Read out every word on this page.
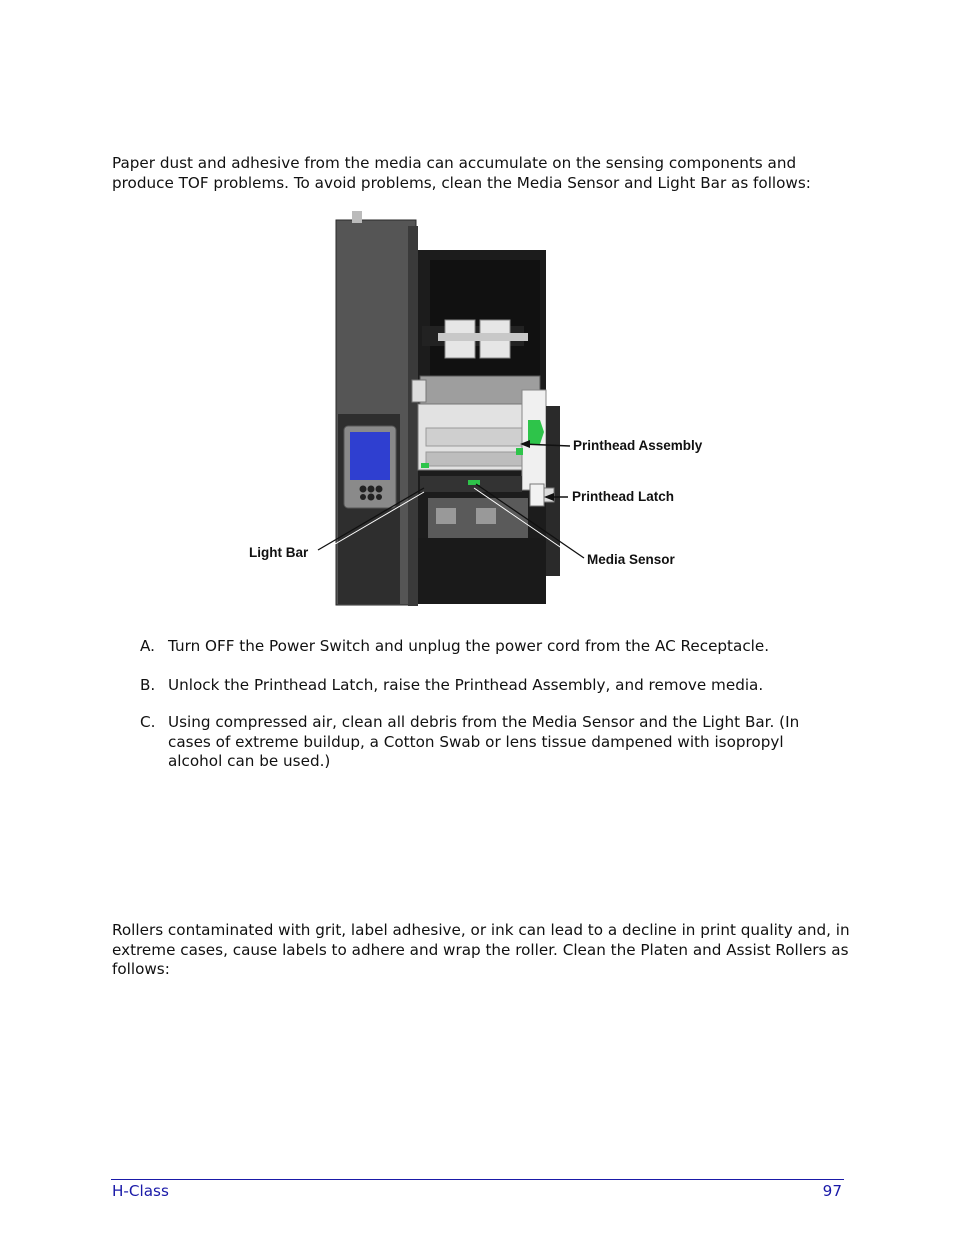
Paper dust and adhesive from the media can accumulate on the sensing components and produce TOF problems. To avoid problems, clean the Media Sensor and Light Bar as follows:

Printhead Assembly
Printhead Latch
Light Bar	Media Sensor
A. Turn OFF the Power Switch and unplug the power cord from the AC Receptacle.
B. Unlock the Printhead Latch, raise the Printhead Assembly, and remove media.
C. Using compressed air, clean all debris from the Media Sensor and the Light Bar. (In cases of extreme buildup, a Cotton Swab or lens tissue dampened with isopropyl alcohol can be used.)

Rollers contaminated with grit, label adhesive, or ink can lead to a decline in print quality and, in extreme cases, cause labels to adhere and wrap the roller. Clean the Platen and Assist Rollers as follows:

H-Class	97
